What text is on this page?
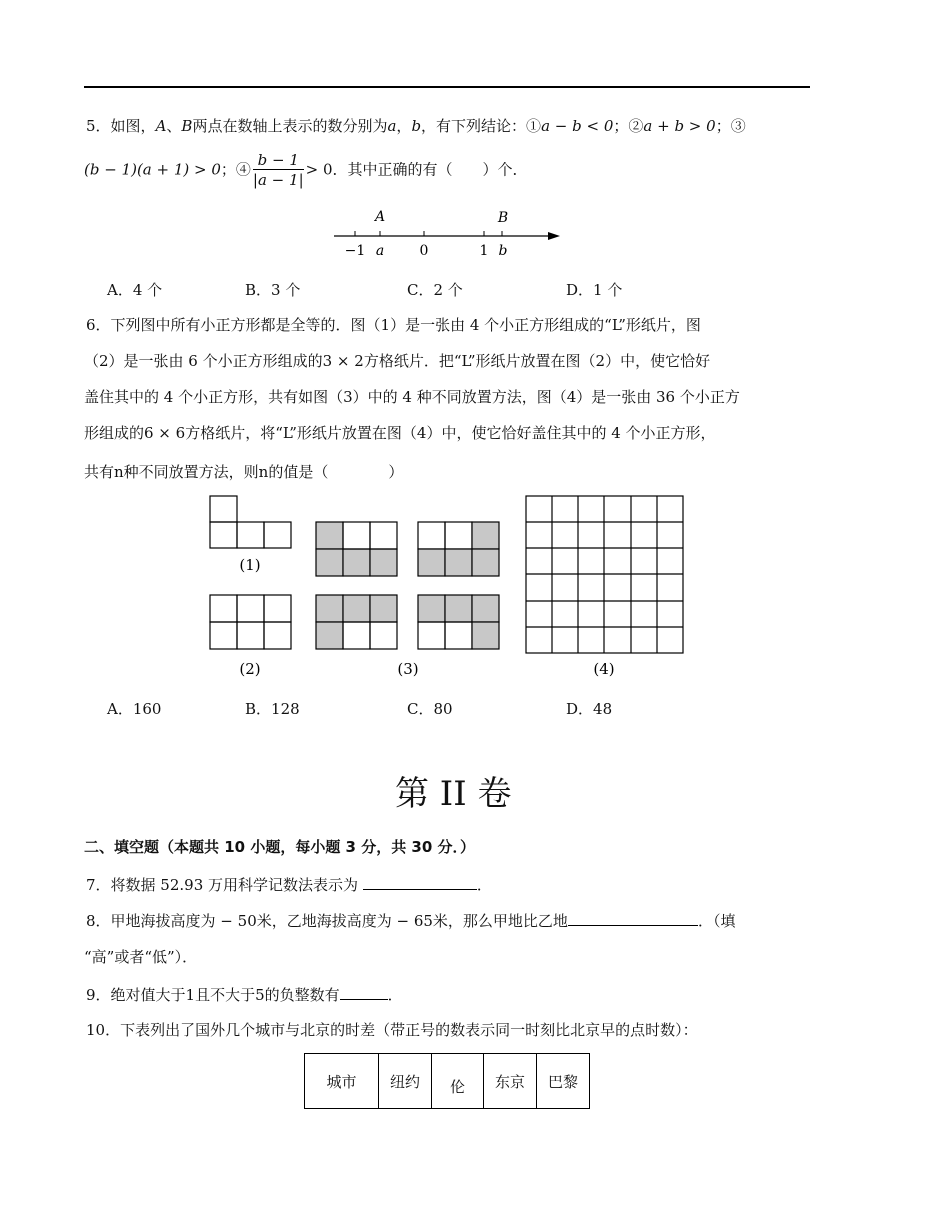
5．如图，A、B两点在数轴上表示的数分别为a，b，有下列结论：①a − b < 0；②a + b > 0；③
(b − 1)(a + 1) > 0；④ $\frac{b - 1}{|a - 1|} > 0$．其中正确的有（　　）个．
A	B
−1 a	0	1 b
A．4 个	B．3 个	C．2 个	D．1 个
6．下列图中所有小正方形都是全等的．图（1）是一张由 4 个小正方形组成的“L”形纸片，图
（2）是一张由 6 个小正方形组成的3 × 2方格纸片．把“L”形纸片放置在图（2）中，使它恰好
盖住其中的 4 个小正方形，共有如图（3）中的 4 种不同放置方法，图（4）是一张由 36 个小正方
形组成的6 × 6方格纸片，将“L”形纸片放置在图（4）中，使它恰好盖住其中的 4 个小正方形，
共有n种不同放置方法，则n的值是（　　　　）
(1)
(2)	(3)	(4)
A．160	B．128	C．80	D．48
第 II 卷
二、填空题（本题共 10 小题，每小题 3 分，共 30 分．）
7．将数据 52.93 万用科学记数法表示为	．
8．甲地海拔高度为 − 50米，乙地海拔高度为 − 65米，那么甲地比乙地	．（填
“高”或者“低”）．
9．绝对值大于1且不大于5的负整数有	．
10．下表列出了国外几个城市与北京的时差（带正号的数表示同一时刻比北京早的点时数）：
城市	纽约	伦	东京	巴黎
